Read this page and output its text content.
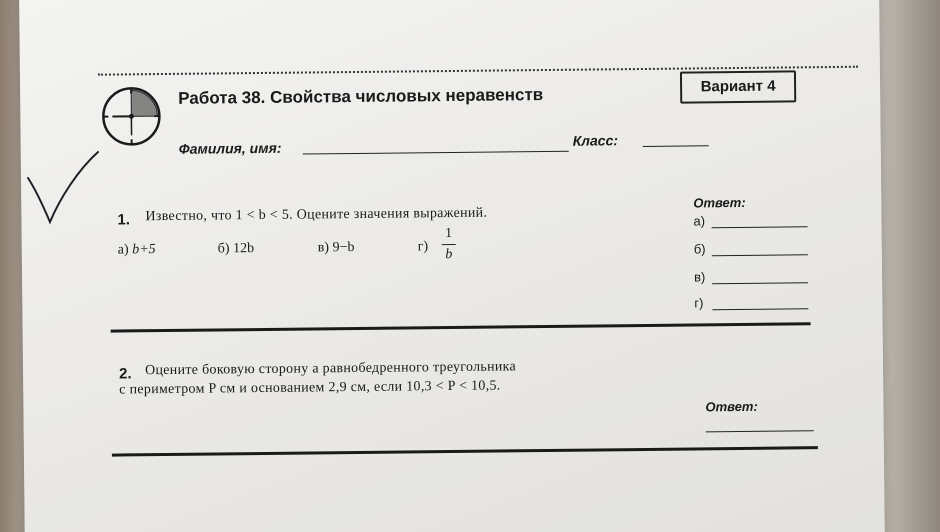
Работа 38. Свойства числовых неравенств	Вариант 4
Фамилия, имя:	Класс:
1. Известно, что 1 < b < 5. Оцените значения выражений.
а) b+5	б) 12b	в) 9−b	г)
1
b
Ответ:
а)
б)
в)
г)
2. Оцените боковую сторону a равнобедренного треугольника
с периметром P см и основанием 2,9 см, если 10,3 < P < 10,5.
Ответ:
